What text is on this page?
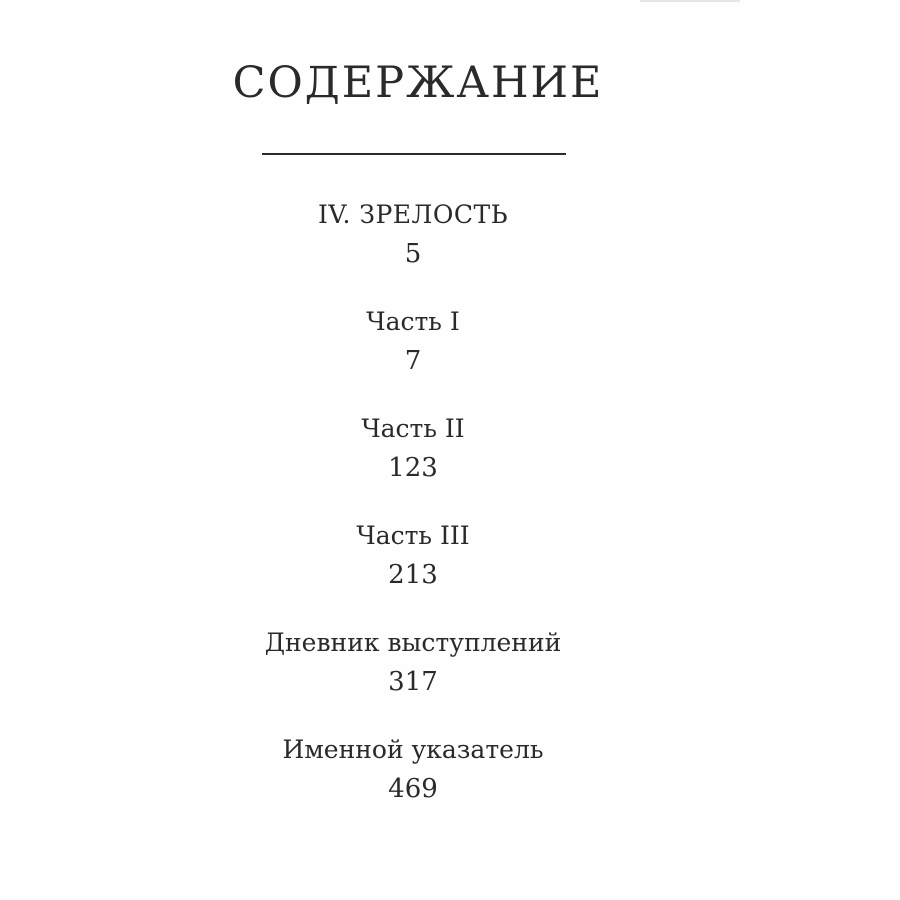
СОДЕРЖАНИЕ
IV. ЗРЕЛОСТЬ
5
Часть I
7
Часть II
123
Часть III
213
Дневник выступлений
317
Именной указатель
469
